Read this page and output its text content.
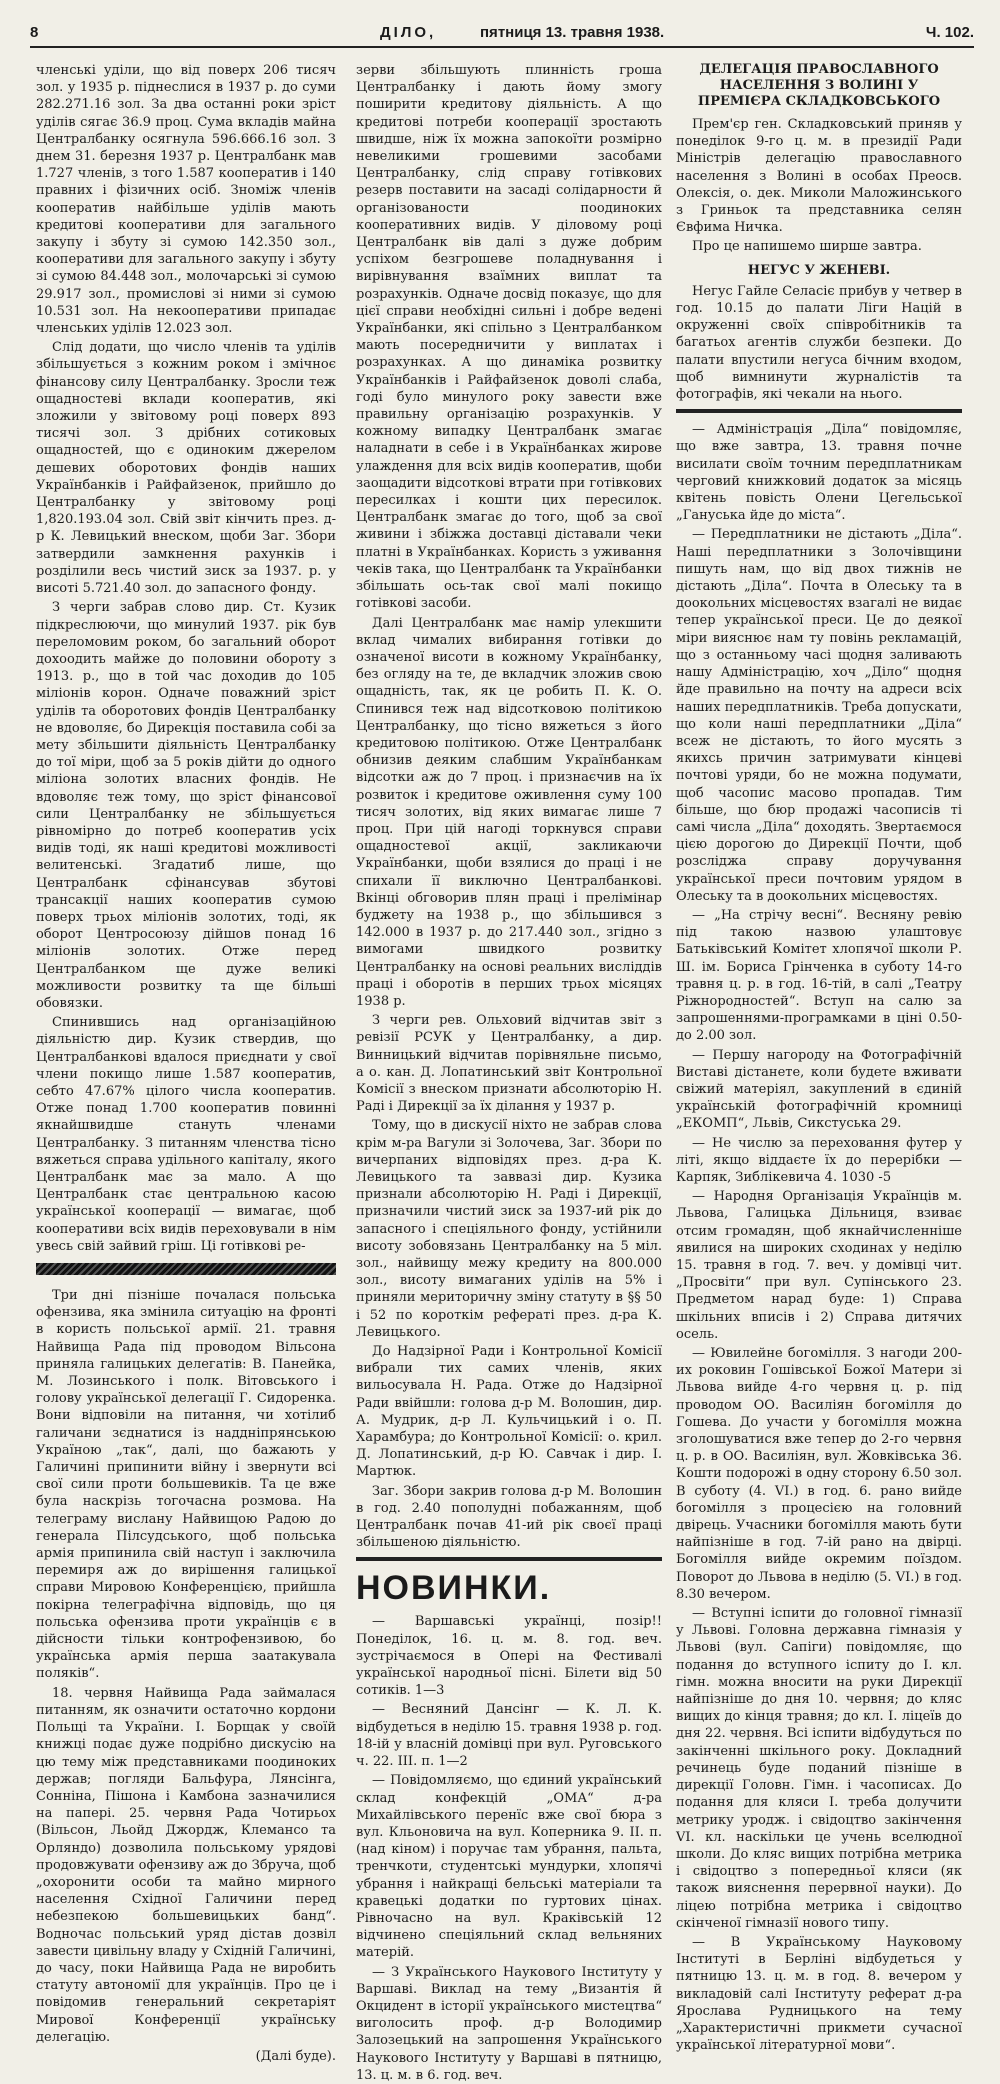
8	ДІЛО,	пятниця 13. травня 1938.	Ч. 102.

членські уділи, що від поверх 206 тисяч зол. у 1935 р. піднеслися в 1937 р. до суми 282.271.16 зол. За два останні роки зріст уділів сягає 36.9 проц. Сума вкладів майна Централбанку осягнула 596.666.16 зол. З днем 31. березня 1937 р. Централбанк мав 1.727 членів, з того 1.587 кооператив і 140 правних і фізичних осіб. Зноміж членів кооператив найбільше уділів мають кредитові кооперативи для загального закупу і збуту зі сумою 142.350 зол., кооперативи для загального закупу і збуту зі сумою 84.448 зол., молочарські зі сумою 29.917 зол., промислові зі ними зі сумою 10.531 зол. На некооперативи припадає членських уділів 12.023 зол.

Слід додати, що число членів та уділів збільшується з кожним роком і змічноє фінансову силу Централбанку. Зросли теж ощадностеві вклади кооператив, які зложили у звітовому році поверх 893 тисячі зол. З дрібних сотиковых ощадностей, що є одиноким джерелом дешевих оборотових фондів наших Українбанків і Райфайзенок, прийшло до Централбанку у звітовому році 1,820.193.04 зол. Свій звіт кінчить през. д-р К. Левицький внеском, щоби Заг. Збори затвердили замкнення рахунків і розділили весь чистий зиск за 1937. р. у висоті 5.721.40 зол. до запасного фонду.

З черги забрав слово дир. Ст. Кузик підкреслюючи, що минулий 1937. рік був переломовим роком, бо загальний оборот дохоодить майже до половини обороту з 1913. р., що в той час доходив до 105 міліонів корон. Одначе поважний зріст уділів та оборотових фондів Централбанку не вдоволяє, бо Дирекція поставила собі за мету збільшити діяльність Централбанку до тої міри, щоб за 5 років дійти до одного міліона золотих власних фондів. Не вдоволяє теж тому, що зріст фінансової сили Централбанку не збільшується рівномірно до потреб кооператив усіх видів тоді, як наші кредитові можливості велитенські. Згадатиб лише, що Централбанк сфінансував збутові трансакції наших кооператив сумою поверх трьох міліонів золотих, тоді, як оборот Центросоюзу дійшов понад 16 міліонів золотих. Отже перед Централбанком ще дуже великі можливости розвитку та ще більші обовязки.

Спинившись над організаційною діяльністю дир. Кузик ствердив, що Централбанкові вдалося приєднати у свої члени покищо лише 1.587 кооператив, себто 47.67% цілого числа кооператив. Отже понад 1.700 кооператив повинні якнайшвидше стануть членами Централбанку. З питанням членства тісно вяжеться справа удільного капіталу, якого Централбанк має за мало. А що Централбанк стає центральною касою української кооперації — вимагає, щоб кооперативи всіх видів переховували в нім увесь свій зайвий гріш. Ці готівкові ре-

Три дні пізніше почалася польська офензива, яка змінила ситуацію на фронті в користь польської армії. 21. травня Найвища Рада під проводом Вільсона приняла галицьких делегатів: В. Панейка, М. Лозинського і полк. Вітовського і голову української делегації Г. Сидоренка. Вони відповіли на питання, чи хотілиб галичани зєднатися із наддніпрянською Україною „так“, далі, що бажають у Галичині припинити війну і звернути всі свої сили проти большевиків. Та це вже була наскрізь тогочасна розмова. На телеграму вислану Найвищою Радою до генерала Пілсудського, щоб польська армія припинила свій наступ і заключила перемиря аж до вирішення галицької справи Мировою Конференцією, прийшла покірна телеграфічна відповідь, що ця польська офензива проти українців є в дійсности тільки контрофензивою, бо українська армія перша заатакувала поляків“.

18. червня Найвища Рада займалася питанням, як означити остаточно кордони Польщі та України. І. Борщак у своїй книжці подає дуже подрібно дискусію на цю тему між представниками поодиноких держав; погляди Бальфура, Лянсінга, Сонніна, Пішона і Камбона зазначилися на папері. 25. червня Рада Чотирьох (Вільсон, Льойд Джордж, Клемансо та Орляндо) дозволила польському урядові продовжувати офензиву аж до Збруча, щоб „охоронити особи та майно мирного населення Східної Галичини перед небезпекою большевицьких банд“. Водночас польський уряд дістав дозвіл завести цивільну владу у Східній Галичині, до часу, поки Найвища Рада не виробить статуту автономії для українців. Про це і повідомив генеральний секретаріят Мирової Конференції українську делегацію.

(Далі буде).

зерви збільшують плинність гроша Централбанку і дають йому змогу поширити кредитову діяльність. А що кредитові потреби кооперації зростають швидше, ніж їх можна запокоїти розмірно невеликими грошевими засобами Централбанку, слід справу готівкових резерв поставити на засаді солідарности й організованости поодиноких кооперативних видів. У діловому році Централбанк вів далі з дуже добрим успіхом безгрошеве поладнування і вирівнування взаїмних виплат та розрахунків. Одначе досвід показує, що для цієї справи необхідні сильні і добре ведені Українбанки, які спільно з Централбанком мають посередничити у виплатах і розрахунках. А що динаміка розвитку Українбанків і Райфайзенок доволі слаба, годі було минулого року завести вже правильну організацію розрахунків. У кожному випадку Централбанк змагає наладнати в себе і в Українбанках жирове улаждення для всіх видів кооператив, щоби заощадити відсоткові втрати при готівкових пересилках і кошти цих пересилок. Централбанк змагає до того, щоб за свої живини і збіжжа доставці діставали чеки платні в Українбанках. Користь з уживання чеків така, що Централбанк та Українбанки збільшать ось-так свої малі покищо готівкові засоби.

Далі Централбанк має намір улекшити вклад чималих вибирання готівки до означеної висоти в кожному Українбанку, без огляду на те, де вкладчик зложив свою ощадність, так, як це робить П. К. О. Спинився теж над відсотковою політикою Централбанку, що тісно вяжеться з його кредитовою політикою. Отже Централбанк обнизив деяким слабшим Українбанкам відсотки аж до 7 проц. і признаєчив на їх розвиток і кредитове оживлення суму 100 тисяч золотих, від яких вимагає лише 7 проц. При цій нагоді торкнувся справи ощадностевої акції, закликаючи Українбанки, щоби взялися до праці і не спихали її виключно Централбанкові. Вкінці обговорив плян праці і прелімінар буджету на 1938 р., що збільшився з 142.000 в 1937 р. до 217.440 зол., згідно з вимогами швидкого розвитку Централбанку на основі реальних висліддів праці і оборотів в перших трьох місяцях 1938 р.

З черги рев. Ольховий відчитав звіт з ревізії РСУК у Централбанку, а дир. Винницький відчитав порівняльне письмо, а о. кан. Д. Лопатинський звіт Контрольної Комісії з внеском признати абсолюторію Н. Раді і Дирекції за їх ділання у 1937 р.

Тому, що в дискусії ніхто не забрав слова крім м-ра Вагули зі Золочева, Заг. Збори по вичерпаних відповідях през. д-ра К. Левицького та заввазі дир. Кузика признали абсолюторію Н. Раді і Дирекції, призначили чистий зиск за 1937-ий рік до запасного і спеціяльного фонду, устійнили висоту зобовязань Централбанку на 5 міл. зол., найвищу межу кредиту на 800.000 зол., висоту вимаганих уділів на 5% і приняли мериторичну зміну статуту в §§ 50 і 52 по короткім рефераті през. д-ра К. Левицького.

До Надзірної Ради і Контрольної Комісії вибрали тих самих членів, яких вильосувала Н. Рада. Отже до Надзірної Ради ввійшли: голова д-р М. Волошин, дир. А. Мудрик, д-р Л. Кульчицький і о. П. Харамбура; до Контрольної Комісії: о. крил. Д. Лопатинський, д-р Ю. Савчак і дир. І. Мартюк.

Заг. Збори закрив голова д-р М. Волошин в год. 2.40 пополудні побажанням, щоб Централбанк почав 41-ий рік своєї праці збільшеною діяльністю.

НОВИНКИ.

— Варшавські українці, позір!! Понеділок, 16. ц. м. 8. год. веч. зустрічаємося в Опері на Фестивалі української народньої пісні. Білети від 50 сотиків. 1—3

— Весняний Дансінг — К. Л. К. відбудеться в неділю 15. травня 1938 р. год. 18-ій у власній домівці при вул. Руговського ч. 22. ІІІ. п. 1—2

— Повідомляємо, що єдиний український склад конфекцій „ОМА“ д-ра Михайлівського перенїс вже свої бюра з вул. Кльоновича на вул. Коперника 9. ІІ. п. (над кіном) і поручає там убрання, пальта, тренчкоти, студентські мундурки, хлопячі убрання і найкращі бельські матеріали та кравецькі додатки по гуртових цінах. Рівночасно на вул. Краківській 12 відчинено спеціяльний склад вельняних матерій.

— З Українського Наукового Інституту у Варшаві. Виклад на тему „Византія й Окцидент в історії українського мистецтва“ виголосить проф. д-р Володимир Залозецький на запрошення Українського Наукового Інституту у Варшаві в пятницю, 13. ц. м. в 6. год. веч.

ДЕЛЕГАЦІЯ ПРАВОСЛАВНОГО НАСЕЛЕННЯ З ВОЛИНІ У ПРЕМІЄРА СКЛАДКОВСЬКОГО

Прем'єр ген. Складковський приняв у понеділок 9-го ц. м. в президії Ради Міністрів делегацію православного населення з Волині в особах Преосв. Олексія, о. дек. Миколи Маложинського з Гриньок та представника селян Євфима Ничка.

Про це напишемо ширше завтра.

НЕГУС У ЖЕНЕВІ.

Негус Гайле Селасіє прибув у четвер в год. 10.15 до палати Ліги Націй в окруженні своїх співробітників та багатьох агентів служби безпеки. До палати впустили негуса бічним входом, щоб вимнинути журналістів та фотографів, які чекали на нього.

— Адміністрація „Діла“ повідомляє, що вже завтра, 13. травня почне висилати своїм точним передплатникам черговий книжковий додаток за місяць квітень повість Олени Цегельської „Гануська йде до міста“.

— Передплатники не дістають „Діла“. Наші передплатники з Золочівщини пишуть нам, що від двох тижнів не дістають „Діла“. Почта в Олеську та в доокольних місцевостях взагалі не видає тепер української преси. Це до деякої міри вияснює нам ту повінь рекламацій, що з останньому часі щодня заливають нашу Адміністрацію, хоч „Діло“ щодня йде правильно на почту на адреси всіх наших передплатників. Треба допускати, що коли наші передплатники „Діла“ всеж не дістають, то його мусять з якихсь причин затримувати кінцеві почтові уряди, бо не можна подумати, щоб часопис масово пропадав. Тим більше, що бюр продажі часописів ті самі числа „Діла“ доходять. Звертаємося цією дорогою до Дирекції Почти, щоб розсліджа справу доручування української преси почтовим урядом в Олеську та в доокольних місцевостях.

— „На стрічу весні“. Весняну ревію під такою назвою улаштовує Батьківський Комітет хлопячої школи Р. Ш. ім. Бориса Грінченка в суботу 14-го травня ц. р. в год. 16-тій, в салі „Театру Ріжнородностей“. Вступ на салю за запрошеннями-програмками в ціні 0.50- до 2.00 зол.

— Першу нагороду на Фотографічній Виставі дістанете, коли будете вживати свіжий матеріял, закуплений в єдиній українській фотографічній кромниці „ЕКОМП“, Львів, Сикстуська 29.

— Не числю за переховання футер у літі, якщо віддаєте їх до перерібки — Карпяк, Зиблікевича 4. 1030 -5

— Народня Організація Українців м. Львова, Галицька Дільниця, взиває отсим громадян, щоб якнайчисленніше явилися на широких сходинах у неділю 15. травня в год. 7. веч. у домівці чит. „Просвіти“ при вул. Супінського 23. Предметом нарад буде: 1) Справа шкільних вписів і 2) Справа дитячих осель.

— Ювилейне богомілля. З нагоди 200-их роковин Гошівської Божої Матери зі Львова вийде 4-го червня ц. р. під проводом ОО. Василіян богомілля до Гошева. До участи у богомілля можна зголошуватися вже тепер до 2-го червня ц. р. в ОО. Василіян, вул. Жовківська 36. Кошти подорожі в одну сторону 6.50 зол. В суботу (4. VI.) в год. 6. рано вийде богомілля з процесією на головний двірець. Учасники богомілля мають бути найпізніше в год. 7-ій рано на двірці. Богомілля вийде окремим поїздом. Поворот до Львова в неділю (5. VI.) в год. 8.30 вечером.

— Вступні іспити до головної гімназії у Львові. Головна державна гімназія у Львові (вул. Сапіги) повідомляє, що подання до вступного іспиту до І. кл. гімн. можна вносити на руки Дирекції найпізніше до дня 10. червня; до кляс вищих до кінця травня; до кл. І. ліцеїв до дня 22. червня. Всі іспити відбудуться по закінченні шкільного року. Докладний речинець буде поданий пізніше в дирекції Головн. Гімн. і часописах. До подання для кляси І. треба долучити метрику уродж. і свідоцтво закінчення VI. кл. наскільки це учень вселюдної школи. До кляс вищих потрібна метрика і свідоцтво з попередньої кляси (як також вияснення перервної науки). До ліцею потрібна метрика і свідоцтво скінченої гімназії нового типу.

— В Українському Науковому Інституті в Берліні відбудеться у пятницю 13. ц. м. в год. 8. вечером у викладовій салі Інституту реферат д-ра Ярослава Рудницького на тему „Характеристичні прикмети сучасної української літературної мови“.
